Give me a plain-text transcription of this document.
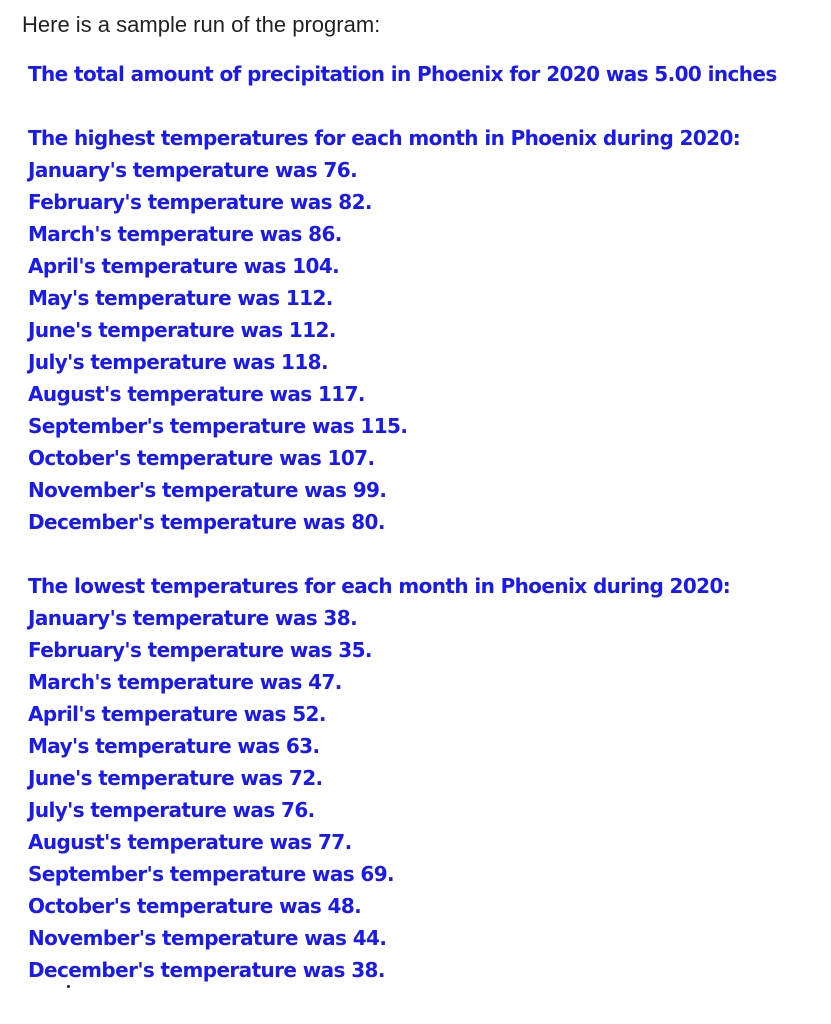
Here is a sample run of the program:

The total amount of precipitation in Phoenix for 2020 was 5.00 inches
The highest temperatures for each month in Phoenix during 2020:
January's temperature was 76.
February's temperature was 82.
March's temperature was 86.
April's temperature was 104.
May's temperature was 112.
June's temperature was 112.
July's temperature was 118.
August's temperature was 117.
September's temperature was 115.
October's temperature was 107.
November's temperature was 99.
December's temperature was 80.
The lowest temperatures for each month in Phoenix during 2020:
January's temperature was 38.
February's temperature was 35.
March's temperature was 47.
April's temperature was 52.
May's temperature was 63.
June's temperature was 72.
July's temperature was 76.
August's temperature was 77.
September's temperature was 69.
October's temperature was 48.
November's temperature was 44.
December's temperature was 38.
